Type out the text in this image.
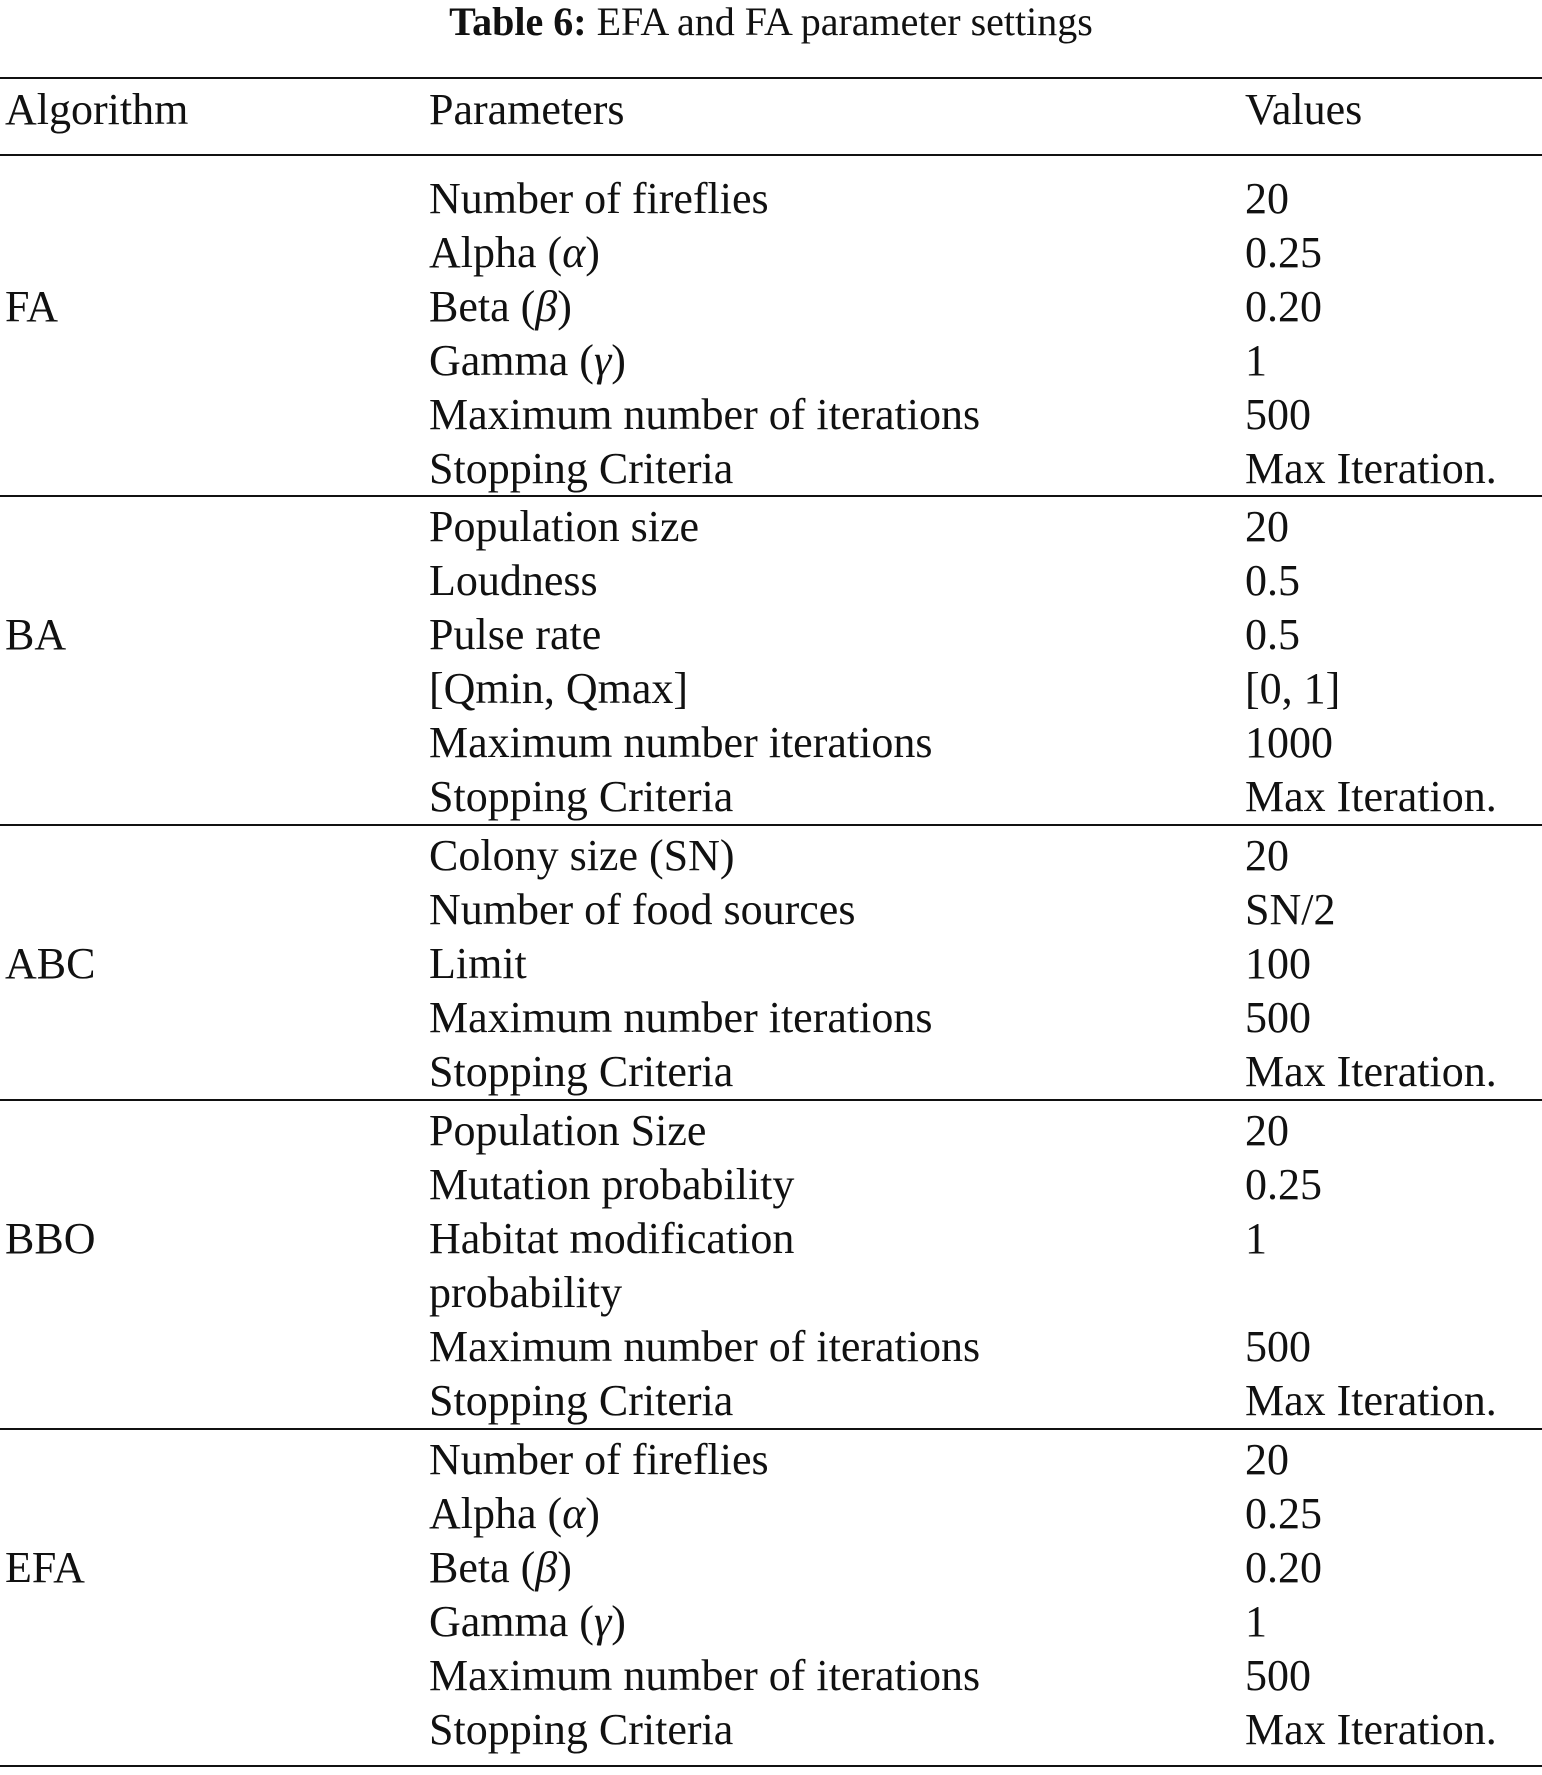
Table 6: EFA and FA parameter settings
Algorithm	Parameters	Values
FA
Number of fireflies	20
Alpha (α)	0.25
Beta (β)	0.20
Gamma (γ)	1
Maximum number of iterations	500
Stopping Criteria	Max Iteration.
BA
Population size	20
Loudness	0.5
Pulse rate	0.5
[Qmin, Qmax]	[0, 1]
Maximum number iterations	1000
Stopping Criteria	Max Iteration.
ABC
Colony size (SN)	20
Number of food sources	SN/2
Limit	100
Maximum number iterations	500
Stopping Criteria	Max Iteration.
BBO
Population Size	20
Mutation probability	0.25
Habitat modification	1
probability
Maximum number of iterations	500
Stopping Criteria	Max Iteration.
EFA
Number of fireflies	20
Alpha (α)	0.25
Beta (β)	0.20
Gamma (γ)	1
Maximum number of iterations	500
Stopping Criteria	Max Iteration.
